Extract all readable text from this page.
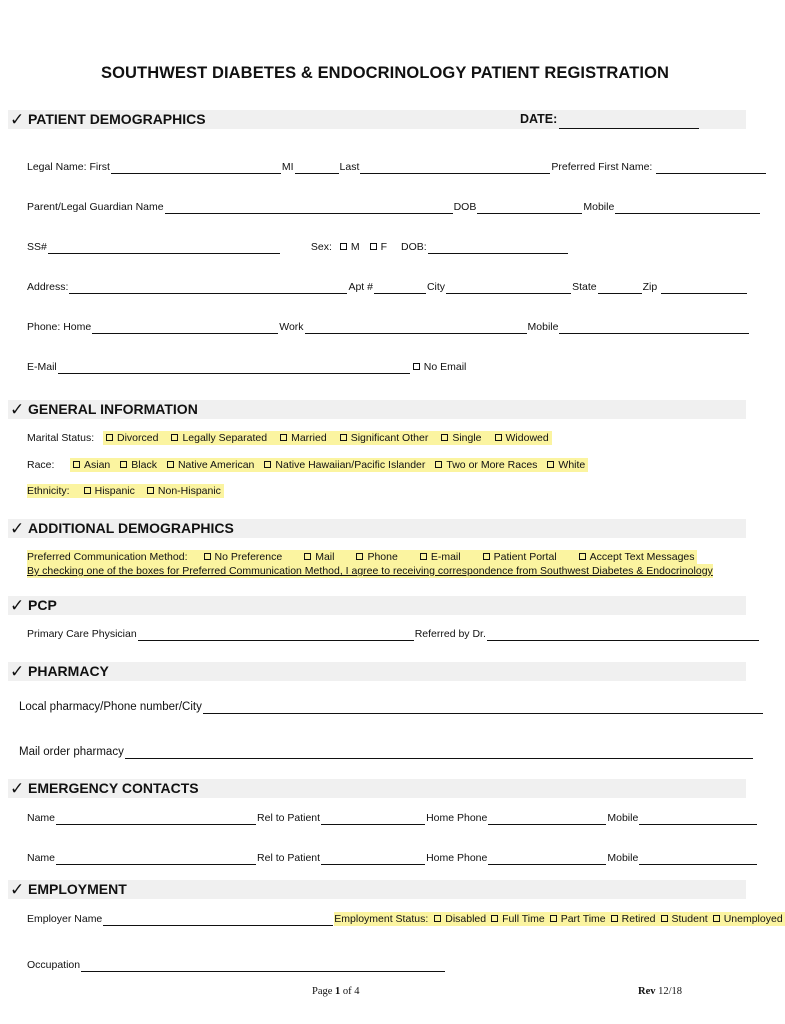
SOUTHWEST DIABETES & ENDOCRINOLOGY PATIENT REGISTRATION
✓ PATIENT DEMOGRAPHICS	DATE:
Legal Name: First	MI	Last	Preferred First Name:
Parent/Legal Guardian Name	DOB	Mobile
SS#	Sex:	M	F DOB:
Address:	Apt #	City	State	Zip
Phone: Home	Work	Mobile
E-Mail	No Email
✓ GENERAL INFORMATION
Marital Status:	Divorced Legally Separated Married Significant Other Single Widowed
Race:	Asian Black Native American Native Hawaiian/Pacific Islander Two or More Races White
Ethnicity: Hispanic Non-Hispanic
✓ ADDITIONAL DEMOGRAPHICS
Preferred Communication Method:	No Preference	Mail	Phone	E-mail	Patient Portal	Accept Text Messages
By checking one of the boxes for Preferred Communication Method, I agree to receiving correspondence from Southwest Diabetes & Endocrinology
✓ PCP
Primary Care Physician	Referred by Dr.
✓ PHARMACY
Local pharmacy/Phone number/City
Mail order pharmacy
✓ EMERGENCY CONTACTS
Name	Rel to Patient	Home Phone	Mobile
Name	Rel to Patient	Home Phone	Mobile
✓ EMPLOYMENT
Employer Name	Employment Status: Disabled Full Time Part Time Retired Student Unemployed
Occupation
Page 1 of 4	Rev 12/18
